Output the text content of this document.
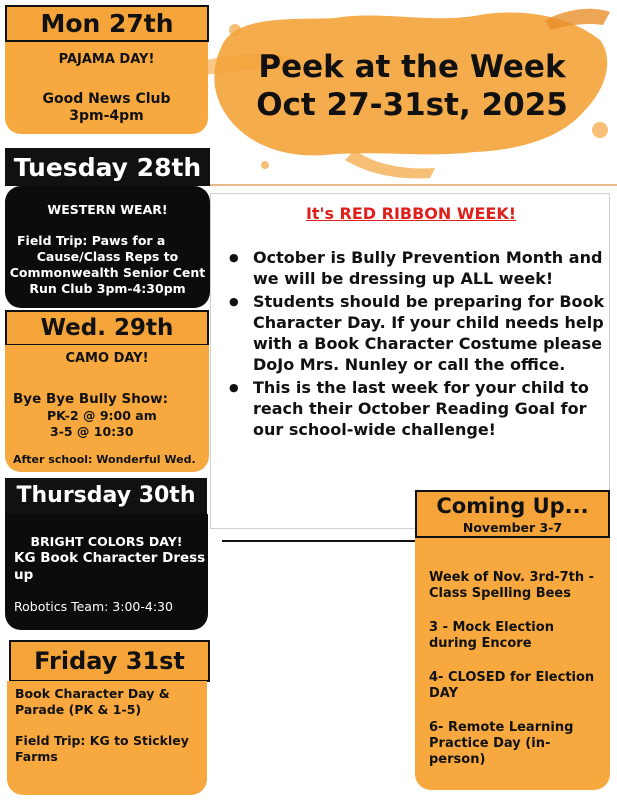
Peek at the Week
Oct 27-31st, 2025
Mon 27th
PAJAMA DAY!
Good News Club
3pm-4pm
Tuesday 28th
WESTERN WEAR!
Field Trip: Paws for a
Cause/Class Reps to
Commonwealth Senior Cent
Run Club 3pm-4:30pm
Wed. 29th
CAMO DAY!
Bye Bye Bully Show:
PK-2 @ 9:00 am
3-5 @ 10:30
After school: Wonderful Wed.
Thursday 30th
BRIGHT COLORS DAY!
KG Book Character Dress
up
Robotics Team: 3:00-4:30
Friday 31st
Book Character Day &
Parade (PK & 1-5)
Field Trip: KG to Stickley
Farms
It's RED RIBBON WEEK!
● October is Bully Prevention Month and we will be dressing up ALL week!
● Students should be preparing for Book Character Day. If your child needs help with a Book Character Costume please DoJo Mrs. Nunley or call the office.
● This is the last week for your child to reach their October Reading Goal for our school-wide challenge!
Coming Up...
November 3-7
Week of Nov. 3rd-7th - Class Spelling Bees
3 - Mock Election during Encore
4- CLOSED for Election DAY
6- Remote Learning Practice Day (in-person)
